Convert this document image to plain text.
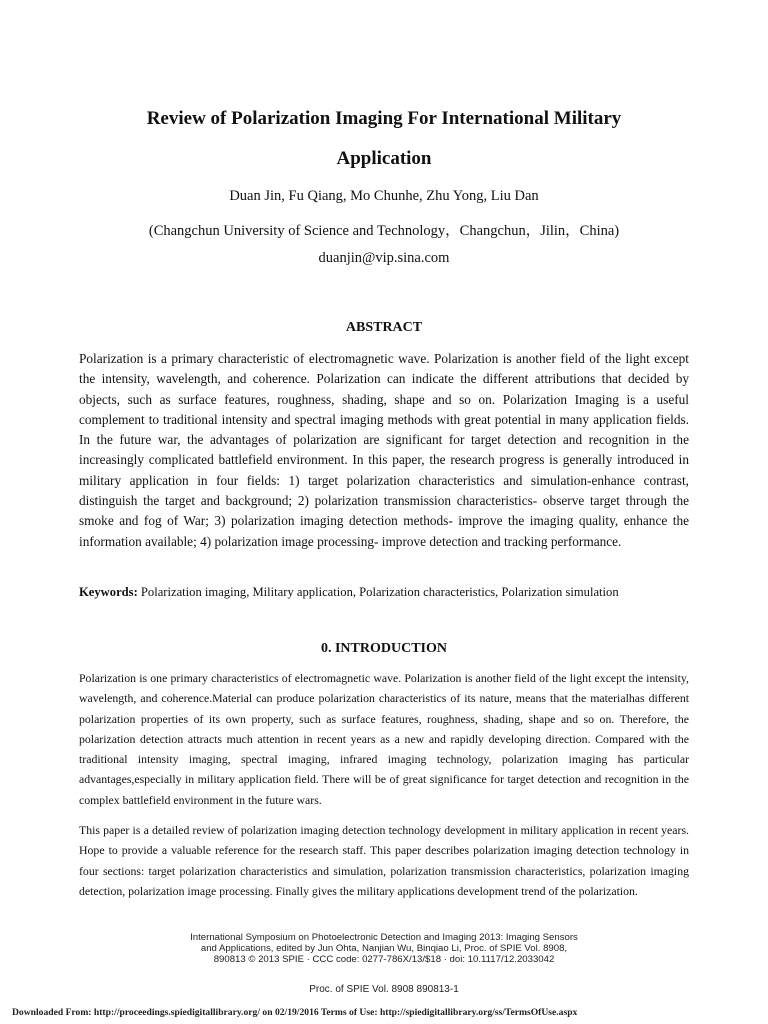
Review of Polarization Imaging For International Military
Application
Duan Jin, Fu Qiang, Mo Chunhe, Zhu Yong, Liu Dan
(Changchun University of Science and Technology，Changchun，Jilin，China)
duanjin@vip.sina.com
ABSTRACT
Polarization is a primary characteristic of electromagnetic wave. Polarization is another field of the light except the intensity, wavelength, and coherence. Polarization can indicate the different attributions that decided by objects, such as surface features, roughness, shading, shape and so on. Polarization Imaging is a useful complement to traditional intensity and spectral imaging methods with great potential in many application fields. In the future war, the advantages of polarization are significant for target detection and recognition in the increasingly complicated battlefield environment. In this paper, the research progress is generally introduced in military application in four fields: 1) target polarization characteristics and simulation-enhance contrast, distinguish the target and background; 2) polarization transmission characteristics- observe target through the smoke and fog of War; 3) polarization imaging detection methods- improve the imaging quality, enhance the information available; 4) polarization image processing- improve detection and tracking performance.
Keywords: Polarization imaging, Military application, Polarization characteristics, Polarization simulation
0. INTRODUCTION
Polarization is one primary characteristics of electromagnetic wave. Polarization is another field of the light except the intensity, wavelength, and coherence.Material can produce polarization characteristics of its nature, means that the materialhas different polarization properties of its own property, such as surface features, roughness, shading, shape and so on. Therefore, the polarization detection attracts much attention in recent years as a new and rapidly developing direction. Compared with the traditional intensity imaging, spectral imaging, infrared imaging technology, polarization imaging has particular advantages,especially in military application field. There will be of great significance for target detection and recognition in the complex battlefield environment in the future wars.
This paper is a detailed review of polarization imaging detection technology development in military application in recent years. Hope to provide a valuable reference for the research staff. This paper describes polarization imaging detection technology in four sections: target polarization characteristics and simulation, polarization transmission characteristics, polarization imaging detection, polarization image processing. Finally gives the military applications development trend of the polarization.
International Symposium on Photoelectronic Detection and Imaging 2013: Imaging Sensors
and Applications, edited by Jun Ohta, Nanjian Wu, Binqiao Li, Proc. of SPIE Vol. 8908,
890813 © 2013 SPIE · CCC code: 0277-786X/13/$18 · doi: 10.1117/12.2033042
Proc. of SPIE Vol. 8908 890813-1
Downloaded From: http://proceedings.spiedigitallibrary.org/ on 02/19/2016 Terms of Use: http://spiedigitallibrary.org/ss/TermsOfUse.aspx
